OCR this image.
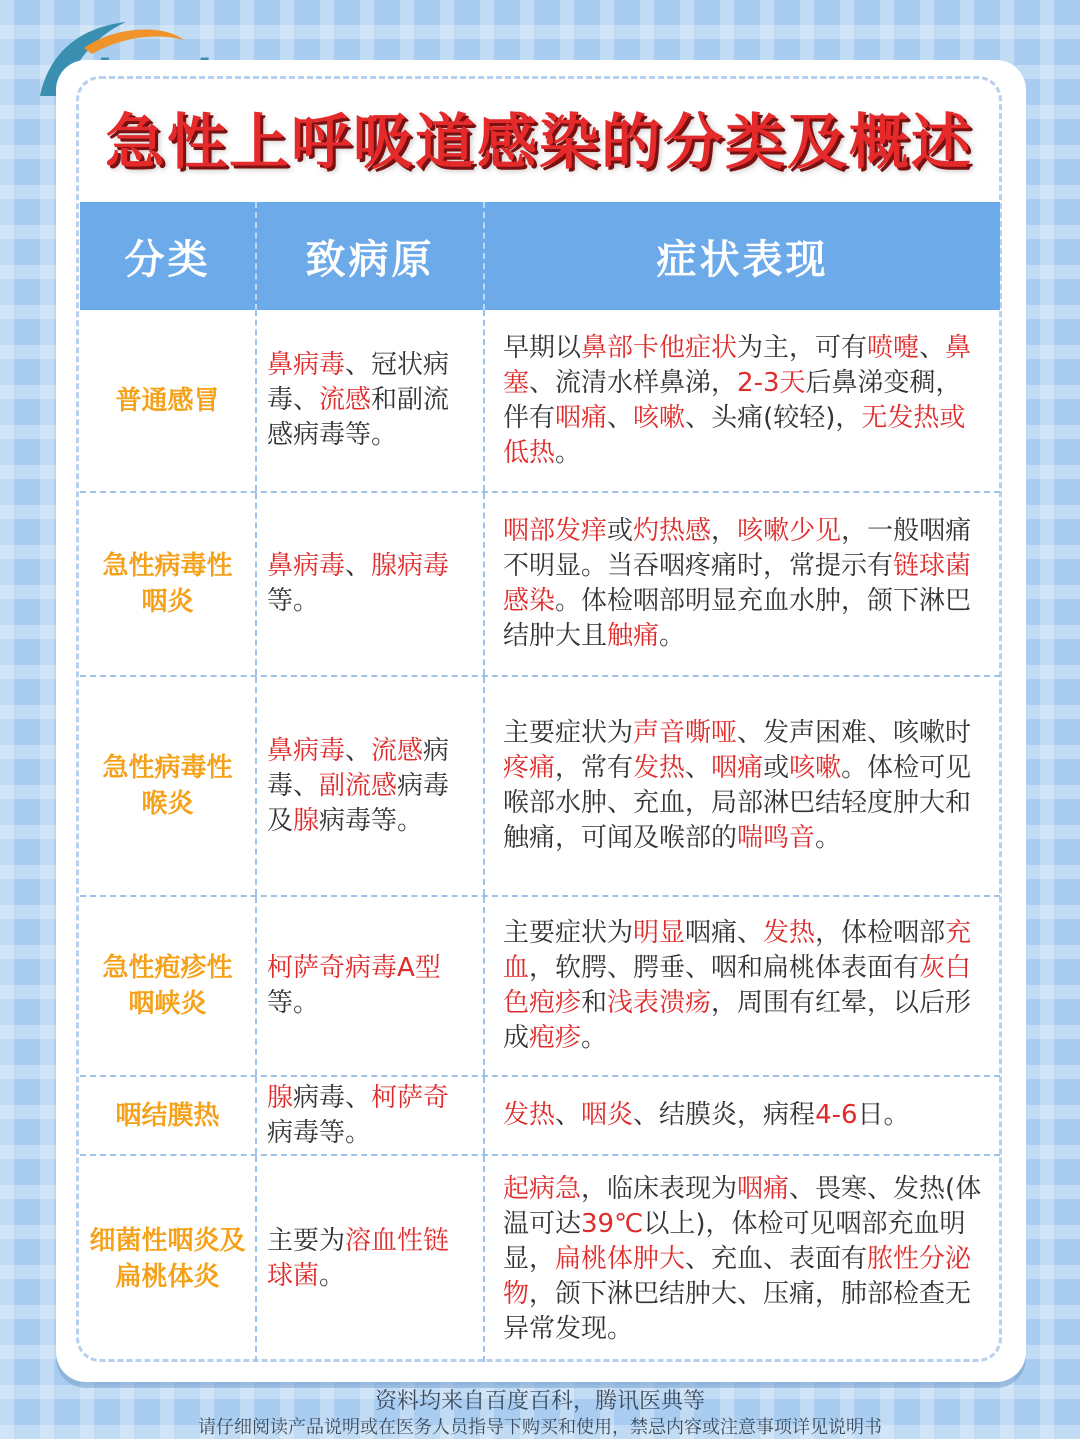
急性上呼吸道感染的分类及概述
分类	致病原	症状表现
普通感冒

鼻病毒、冠状病毒、流感和副流感病毒等。

早期以鼻部卡他症状为主，可有喷嚏、鼻塞、流清水样鼻涕，2-3天后鼻涕变稠，伴有咽痛、咳嗽、头痛(较轻)，无发热或低热。

急性病毒性咽炎

鼻病毒、腺病毒等。

咽部发痒或灼热感，咳嗽少见，一般咽痛不明显。当吞咽疼痛时，常提示有链球菌感染。体检咽部明显充血水肿，颌下淋巴结肿大且触痛。

急性病毒性喉炎

鼻病毒、流感病毒、副流感病毒及腺病毒等。

主要症状为声音嘶哑、发声困难、咳嗽时疼痛，常有发热、咽痛或咳嗽。体检可见喉部水肿、充血，局部淋巴结轻度肿大和触痛，可闻及喉部的喘鸣音。

急性疱疹性咽峡炎

柯萨奇病毒A型等。

主要症状为明显咽痛、发热，体检咽部充血，软腭、腭垂、咽和扁桃体表面有灰白色疱疹和浅表溃疡，周围有红晕，以后形成疱疹。

咽结膜热

腺病毒、柯萨奇病毒等。

发热、咽炎、结膜炎，病程4-6日。

细菌性咽炎及扁桃体炎

主要为溶血性链球菌。

起病急，临床表现为咽痛、畏寒、发热(体温可达39℃以上)，体检可见咽部充血明显，扁桃体肿大、充血、表面有脓性分泌物，颌下淋巴结肿大、压痛，肺部检查无异常发现。

资料均来自百度百科，腾讯医典等

请仔细阅读产品说明或在医务人员指导下购买和使用，禁忌内容或注意事项详见说明书
